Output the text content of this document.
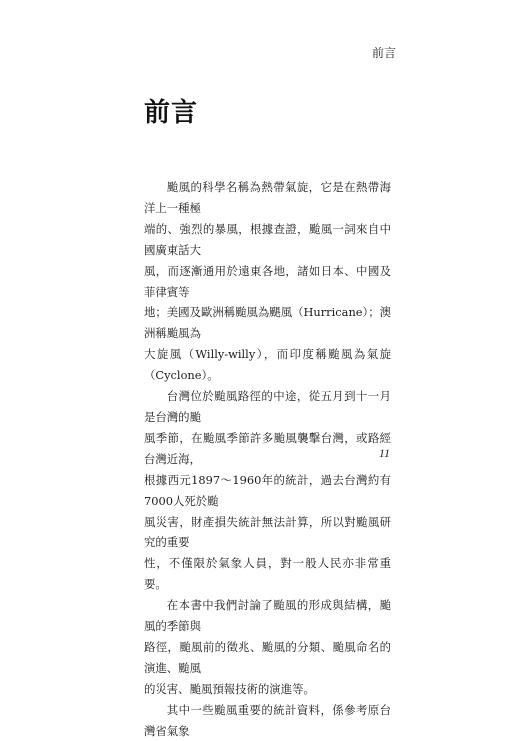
前言
前言

颱風的科學名稱為熱帶氣旋，它是在熱帶海洋上一種極
端的、強烈的暴風，根據查證，颱風一詞來自中國廣東話大
風，而逐漸通用於遠東各地，諸如日本、中國及菲律賓等
地；美國及歐洲稱颱風為颶風（Hurricane）；澳洲稱颱風為
大旋風（Willy-willy），而印度稱颱風為氣旋（Cyclone）。

台灣位於颱風路徑的中途，從五月到十一月是台灣的颱
風季節，在颱風季節許多颱風襲擊台灣，或路經台灣近海，
根據西元1897～1960年的統計，過去台灣約有7000人死於颱
風災害，財產損失統計無法計算，所以對颱風研究的重要
性，不僅限於氣象人員，對一般人民亦非常重要。

在本書中我們討論了颱風的形成與結構，颱風的季節與
路徑，颱風前的徵兆、颱風的分類、颱風命名的演進、颱風
的災害、颱風預報技術的演進等。

其中一些颱風重要的統計資料，係參考原台灣省氣象

11
